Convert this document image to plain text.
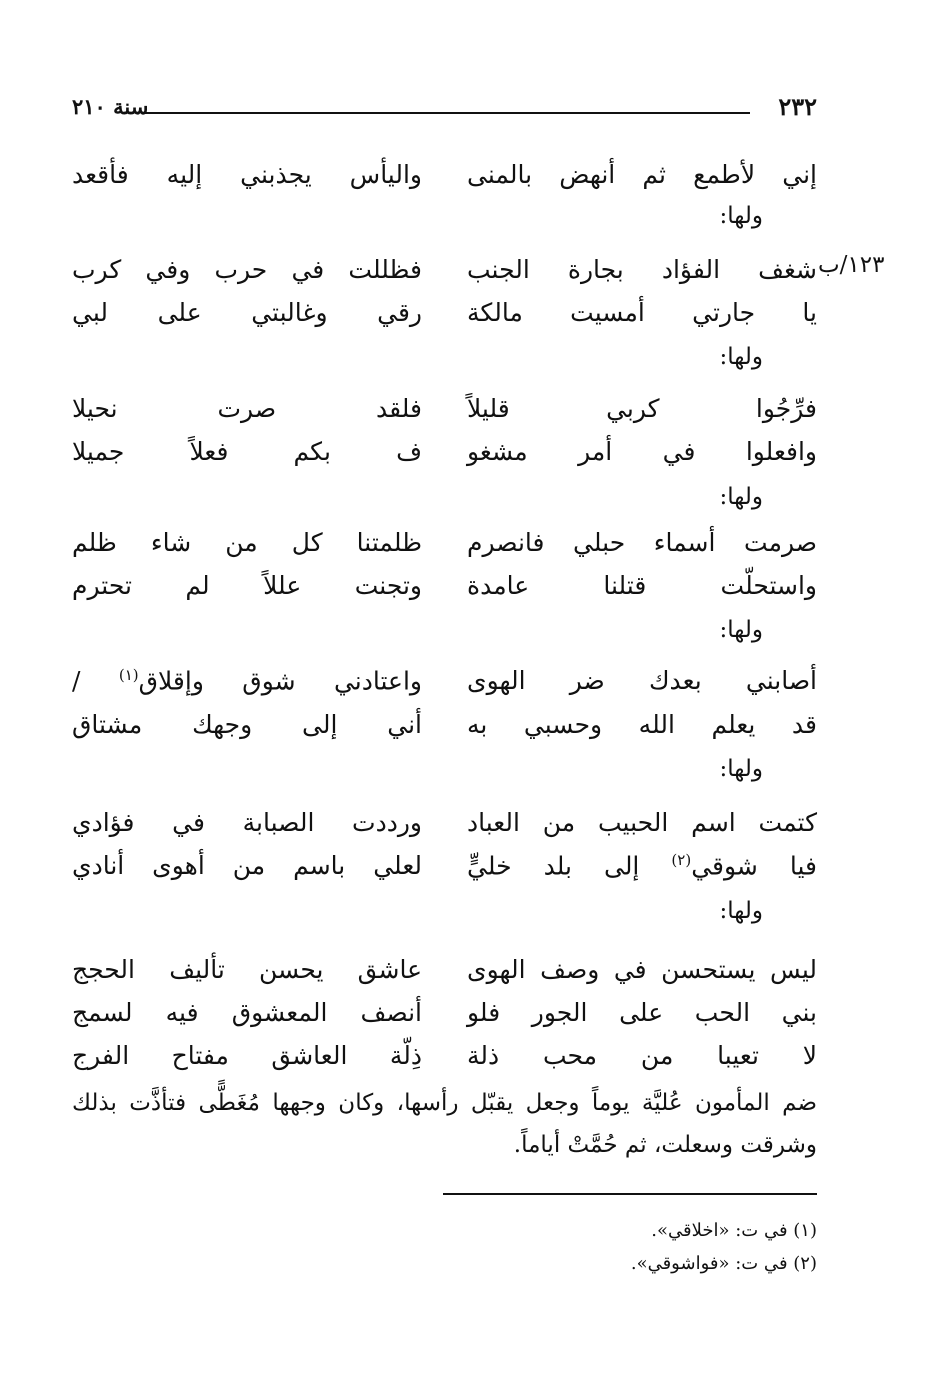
٢٣٢
سنة ٢١٠
١٢٣/ب
إني لأطمع ثم أنهض بالمنى
واليأس يجذبني إليه فأقعد
ولها:
شغف الفؤاد بجارة الجنب
فظللت في حرب وفي كرب
يا جارتي أمسيت مالكة
رقي وغالبتي على لبي
ولها:
فرِّجُوا كربي قليلاً
فلقد صرت نحيلا
وافعلوا في أمر مشغو
ف بكم فعلاً جميلا
ولها:
صرمت أسماء حبلي فانصرم
ظلمتنا كل من شاء ظلم
واستحلّت قتلنا عامدة
وتجنت عللاً لم تحترم
ولها:
أصابني بعدك ضر الهوى
واعتادني شوق وإقلاق$^{(١)}$ /
قد يعلم الله وحسبي به
أني إلى وجهك مشتاق
ولها:
كتمت اسم الحبيب من العباد
ورددت الصبابة في فؤادي
فيا شوقي$^{(٢)}$ إلى بلد خليٍّ
لعلي باسم من أهوى أنادي
ولها:
ليس يستحسن في وصف الهوى
عاشق يحسن تأليف الحجج
بني الحب على الجور فلو
أنصف المعشوق فيه لسمج
لا تعيبا من محب ذلة
ذِلّة العاشق مفتاح الفرج
ضم المأمون عُليَّة يوماً وجعل يقبّل رأسها، وكان وجهها مُغَطًّى فتأذَّت بذلك وشرقت وسعلت، ثم حُمَّتْ أياماً.
(١) في ت: «اخلاقي».
(٢) في ت: «فواشوقي».
